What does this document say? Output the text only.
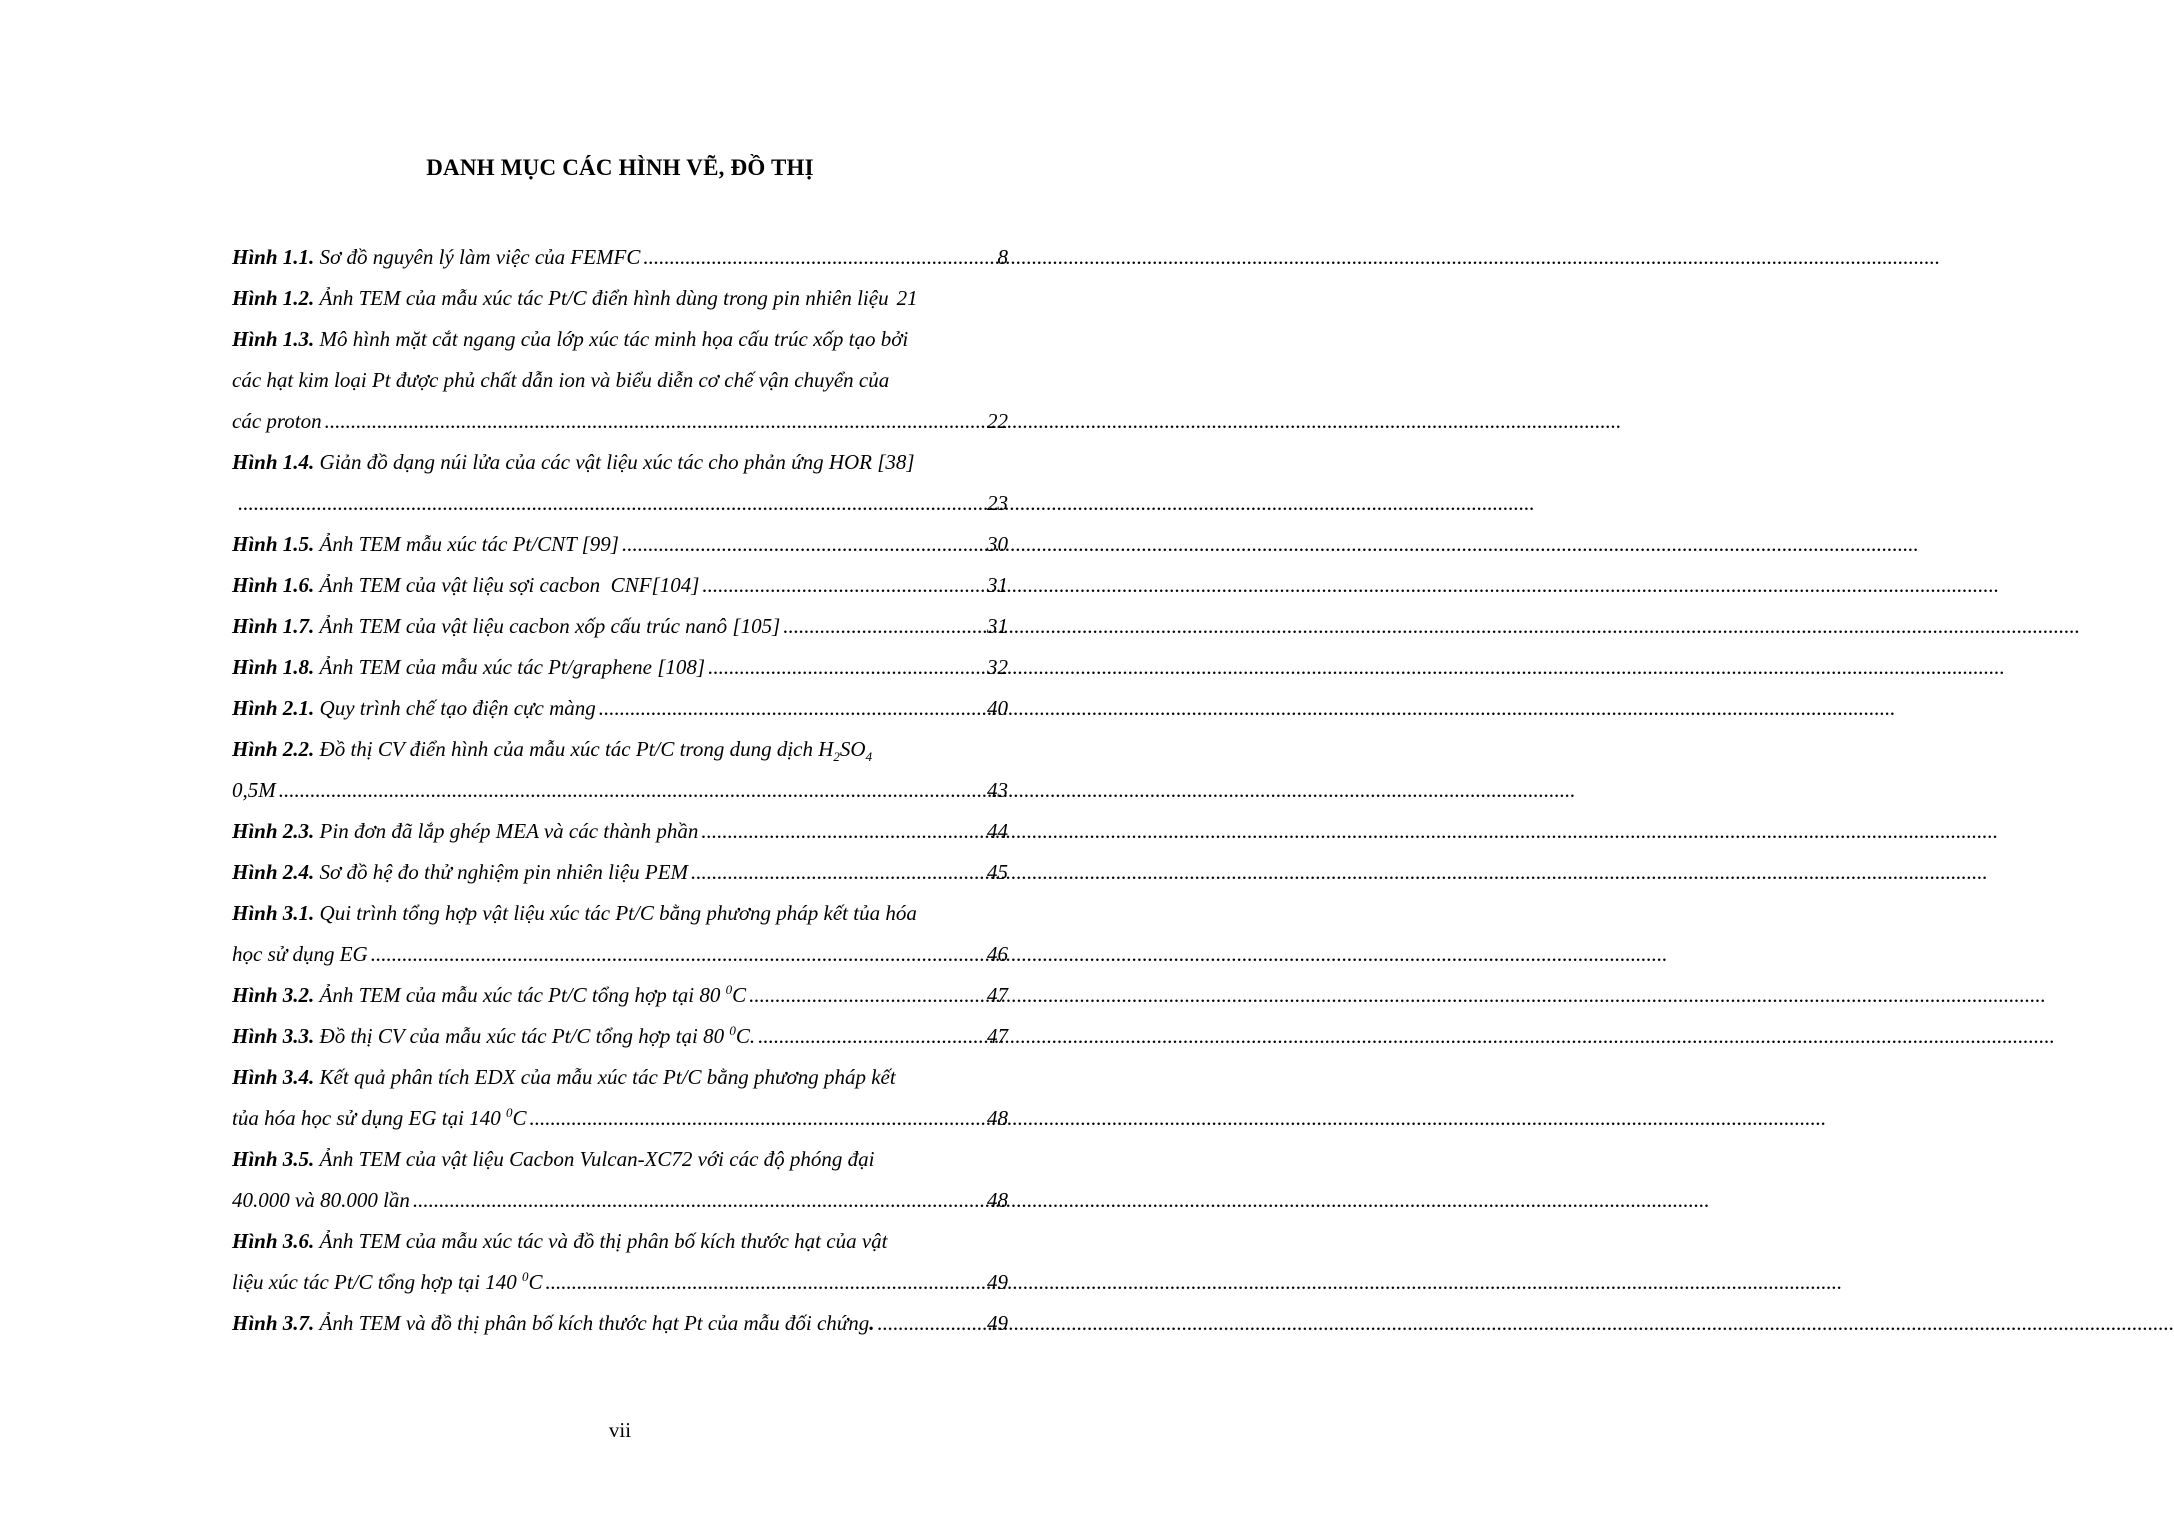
DANH MỤC CÁC HÌNH VẼ, ĐỒ THỊ
Hình 1.1.
Sơ đồ nguyên lý làm việc của FEMFC .....	8
Hình 1.2.
Ảnh TEM của mẫu xúc tác Pt/C điển hình dùng trong pin nhiên liệu 21
Hình 1.3.
Mô hình mặt cắt ngang của lớp xúc tác minh họa cấu trúc xốp tạo bởi
các hạt kim loại Pt được phủ chất dẫn ion và biểu diễn cơ chế vận chuyển của
các proton .....	22
Hình 1.4.
Giản đồ dạng núi lửa của các vật liệu xúc tác cho phản ứng HOR [38]
.....
23
Hình 1.5.
Ảnh TEM mẫu xúc tác Pt/CNT [99] .....	30
Hình 1.6.
Ảnh TEM của vật liệu sợi cacbon  CNF[104] .....	31
Hình 1.7.
Ảnh TEM của vật liệu cacbon xốp cấu trúc nanô [105] .....	31
Hình 1.8.
Ảnh TEM của mẫu xúc tác Pt/graphene [108] .....	32
Hình 2.1.
Quy trình chế tạo điện cực màng .....	40
Hình 2.2.
Đồ thị CV điển hình của mẫu xúc tác Pt/C trong dung dịch $H_2SO_4$
0,5M .....	43
Hình 2.3.
Pin đơn đã lắp ghép MEA và các thành phần .....	44
Hình 2.4.
Sơ đồ hệ đo thử nghiệm pin nhiên liệu PEM .....	45
Hình 3.1.
Qui trình tổng hợp vật liệu xúc tác Pt/C bằng phương pháp kết tủa hóa
học sử dụng EG .....	46
Hình 3.2.
Ảnh TEM của mẫu xúc tác Pt/C tổng hợp tại 80 $^0$C .....	47
Hình 3.3.
Đồ thị CV của mẫu xúc tác Pt/C tổng hợp tại 80 $^0$C. .....	47
Hình 3.4.
Kết quả phân tích EDX của mẫu xúc tác Pt/C bằng phương pháp kết
tủa hóa học sử dụng EG tại 140 $^0$C .....	48
Hình 3.5.
Ảnh TEM của vật liệu Cacbon Vulcan-XC72 với các độ phóng đại
40.000 và 80.000 lần .....	48
Hình 3.6.
Ảnh TEM của mẫu xúc tác và đồ thị phân bố kích thước hạt của vật
liệu xúc tác Pt/C tổng hợp tại 140 $^0$C .....	49
Hình 3.7.
Ảnh TEM và đồ thị phân bố kích thước hạt Pt của mẫu đối chứng. .....	49
vii
